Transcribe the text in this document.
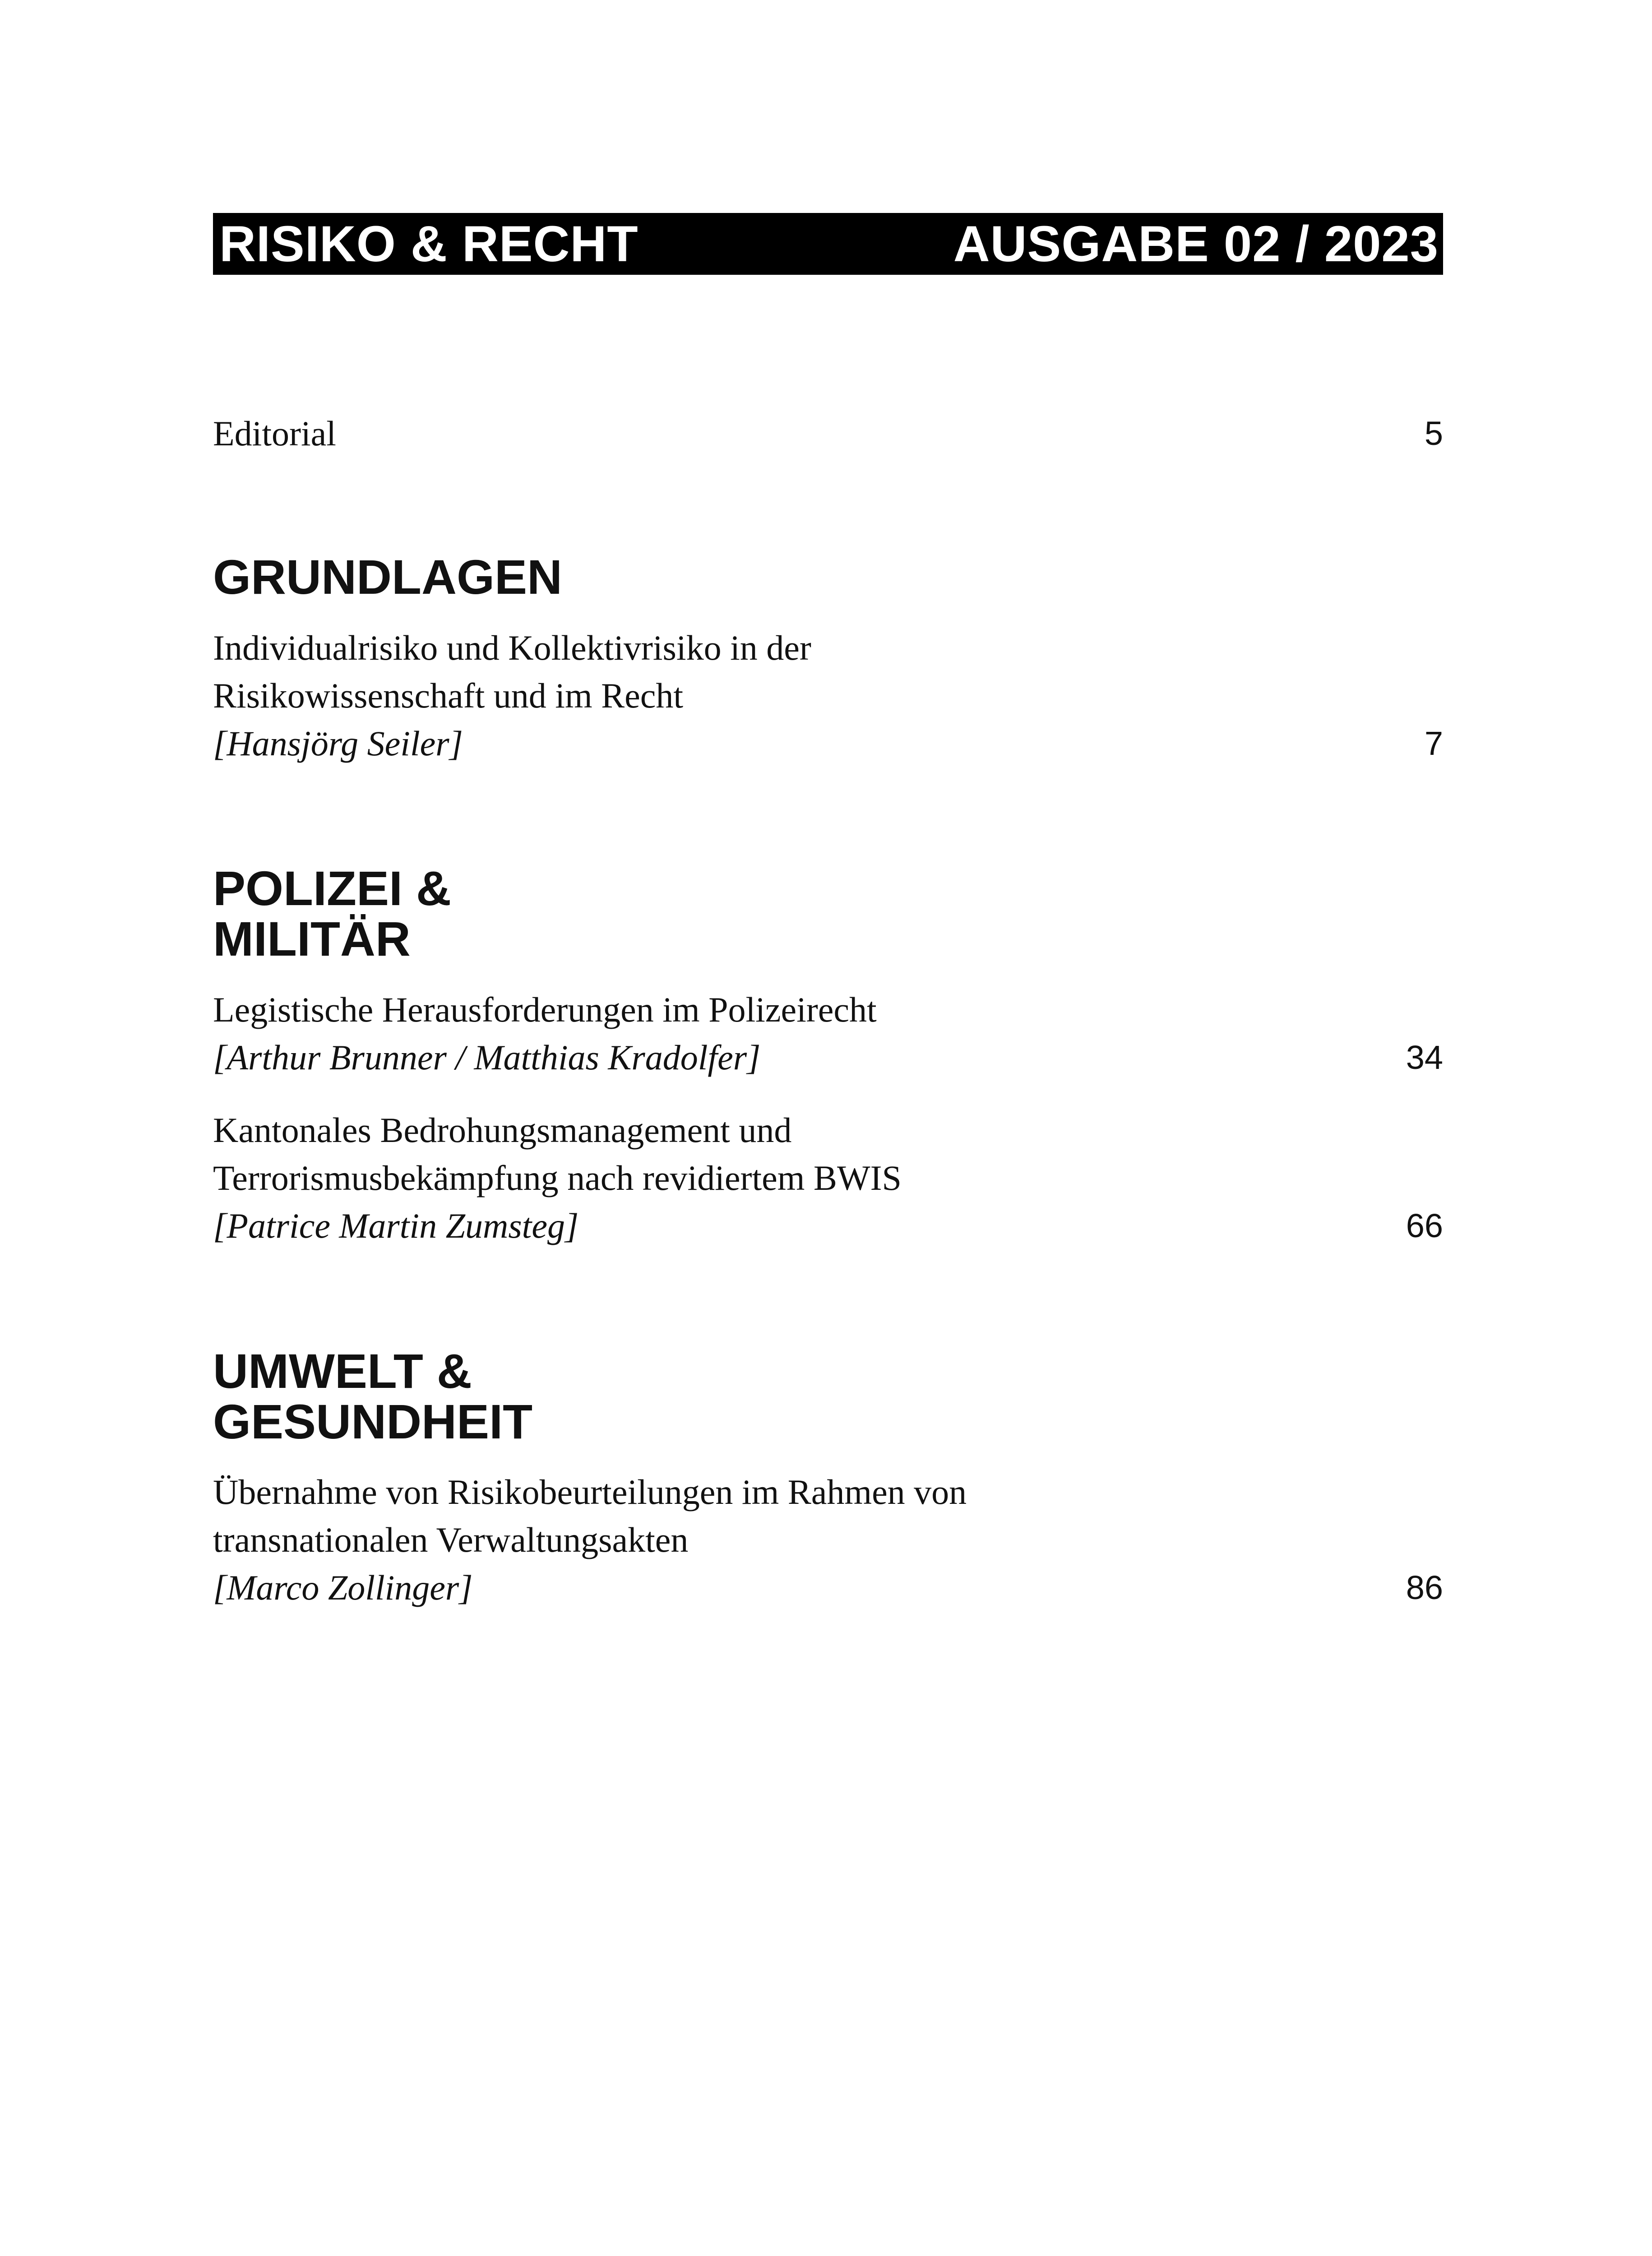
RISIKO & RECHT	AUSGABE 02 / 2023
Editorial	5
GRUNDLAGEN
Individualrisiko und Kollektivrisiko in der
Risikowissenschaft und im Recht
[Hansjörg Seiler]	7
POLIZEI &
MILITÄR
Legistische Herausforderungen im Polizeirecht
[Arthur Brunner / Matthias Kradolfer]	34
Kantonales Bedrohungsmanagement und
Terrorismusbekämpfung nach revidiertem BWIS
[Patrice Martin Zumsteg]	66
UMWELT &
GESUNDHEIT
Übernahme von Risikobeurteilungen im Rahmen von
transnationalen Verwaltungsakten
[Marco Zollinger]	86
